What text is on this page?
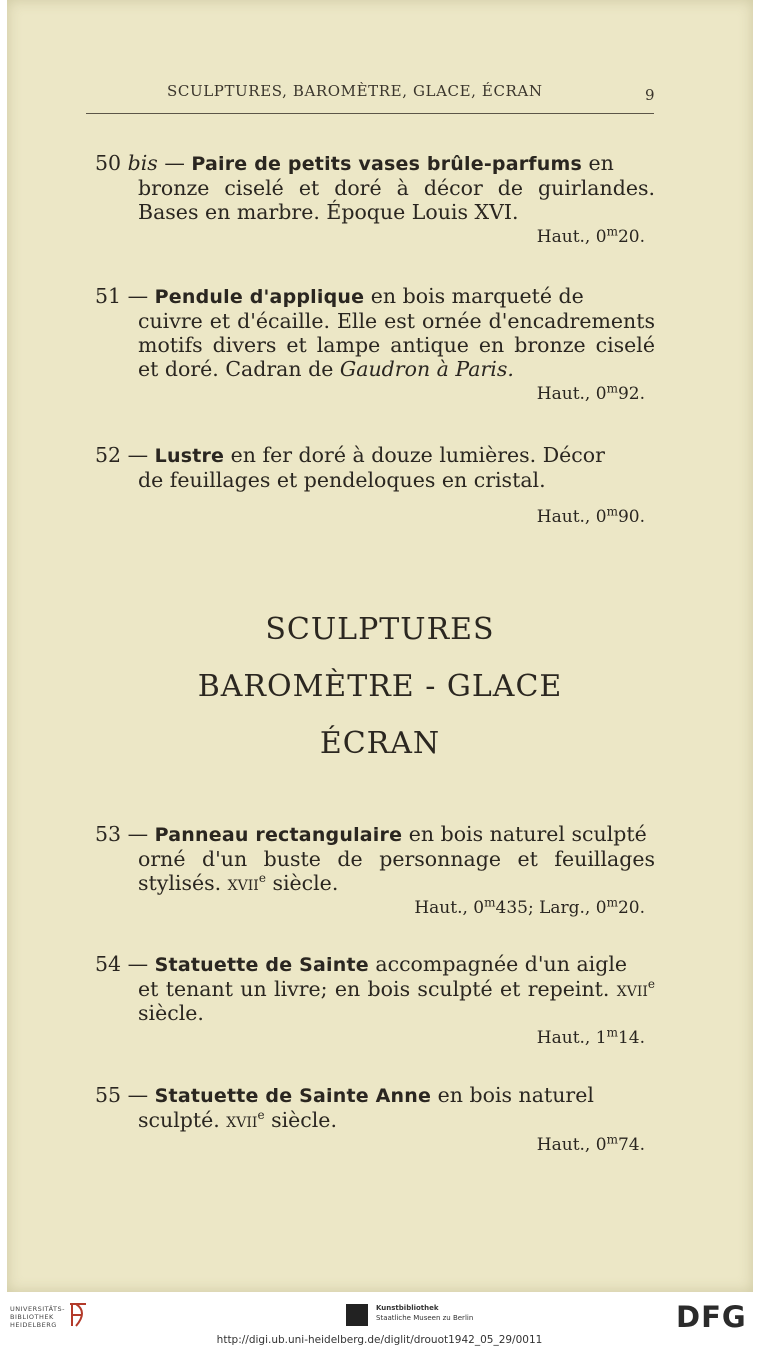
SCULPTURES, BAROMÈTRE, GLACE, ÉCRAN	9

50 bis — Paire de petits vases brûle-parfums en

bronze ciselé et doré à décor de guirlandes. Bases en marbre. Époque Louis XVI.

Haut., 0$^m$20.

51 — Pendule d'applique en bois marqueté de

cuivre et d'écaille. Elle est ornée d'encadrements motifs divers et lampe antique en bronze ciselé et doré. Cadran de Gaudron à Paris.

Haut., 0$^m$92.

52 — Lustre en fer doré à douze lumières. Décor

de feuillages et pendeloques en cristal.

Haut., 0$^m$90.
SCULPTURES
BAROMÈTRE - GLACE
ÉCRAN

53 — Panneau rectangulaire en bois naturel sculpté

orné d'un buste de personnage et feuillages stylisés. xvii$^e$ siècle.

Haut., 0$^m$435; Larg., 0$^m$20.

54 — Statuette de Sainte accompagnée d'un aigle

et tenant un livre; en bois sculpté et repeint. xvii$^e$ siècle.

Haut., 1$^m$14.

55 — Statuette de Sainte Anne en bois naturel

sculpté. xvii$^e$ siècle.

Haut., 0$^m$74.
UNIVERSITÄTS-
BIBLIOTHEK
HEIDELBERG
Kunstbibliothek
Staatliche Museen zu Berlin	DFG
http://digi.ub.uni-heidelberg.de/diglit/drouot1942_05_29/0011
